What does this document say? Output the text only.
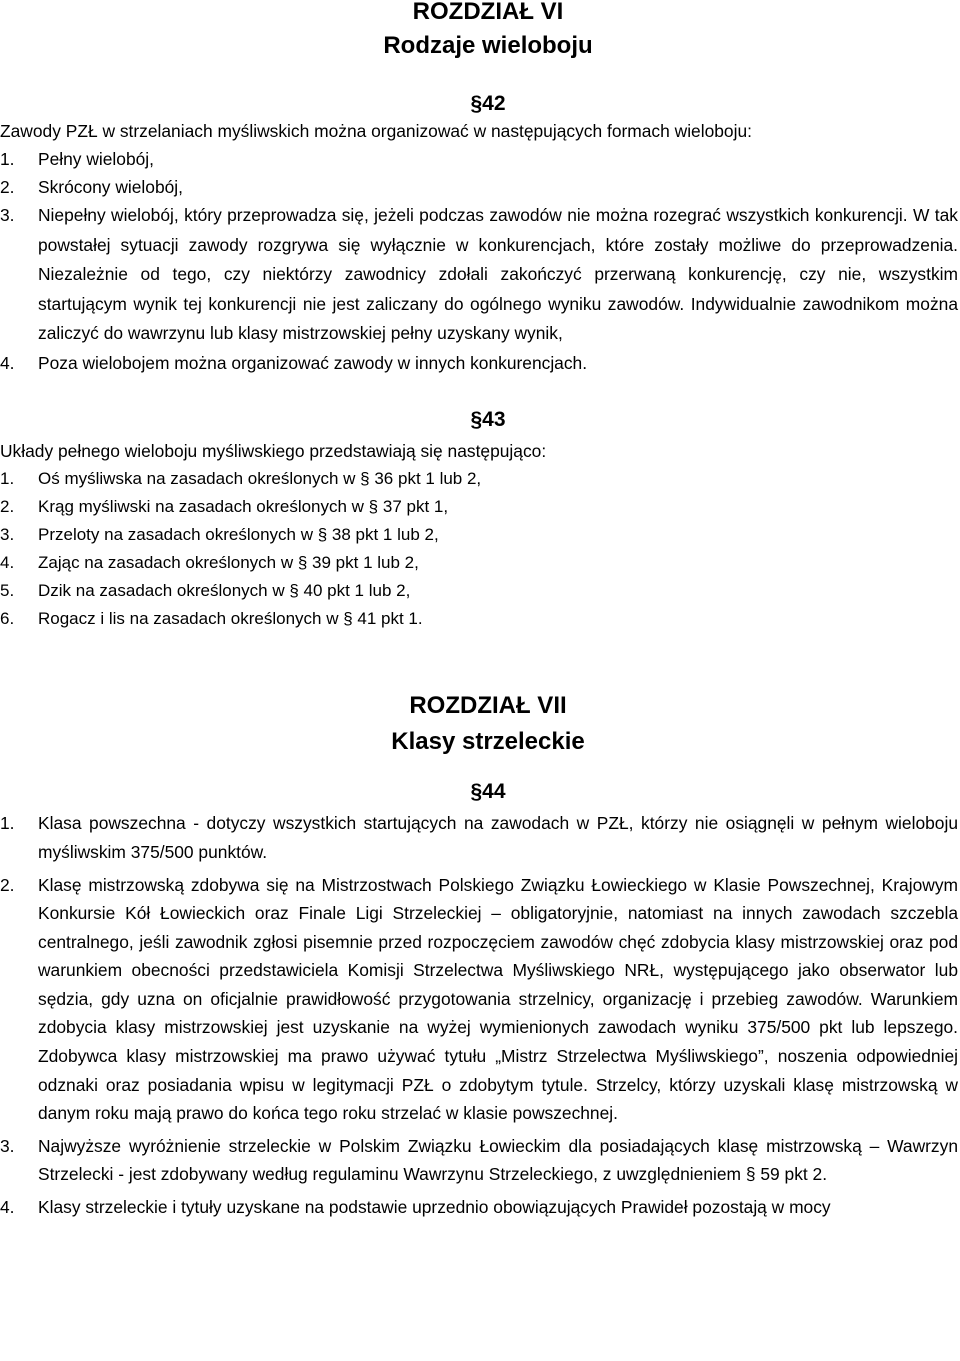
ROZDZIAŁ VI
Rodzaje wieloboju
§42

Zawody PZŁ w strzelaniach myśliwskich można organizować w następujących formach wieloboju:

1. Pełny wielobój,
2. Skrócony wielobój,
3. Niepełny wielobój, który przeprowadza się, jeżeli podczas zawodów nie można rozegrać wszystkich konkurencji. W tak powstałej sytuacji zawody rozgrywa się wyłącznie w konkurencjach, które zostały możliwe do przeprowadzenia. Niezależnie od tego, czy niektórzy zawodnicy zdołali zakończyć przerwaną konkurencję, czy nie, wszystkim startującym wynik tej konkurencji nie jest zaliczany do ogólnego wyniku zawodów. Indywidualnie zawodnikom można zaliczyć do wawrzynu lub klasy mistrzowskiej pełny uzyskany wynik,
4. Poza wielobojem można organizować zawody w innych konkurencjach.
§43

Układy pełnego wieloboju myśliwskiego przedstawiają się następująco:

1. Oś myśliwska na zasadach określonych w § 36 pkt 1 lub 2,
2. Krąg myśliwski na zasadach określonych w § 37 pkt 1,
3. Przeloty na zasadach określonych w § 38 pkt 1 lub 2,
4. Zając na zasadach określonych w § 39 pkt 1 lub 2,
5. Dzik na zasadach określonych w § 40 pkt 1 lub 2,
6. Rogacz i lis na zasadach określonych w § 41 pkt 1.
ROZDZIAŁ VII
Klasy strzeleckie
§44
1. Klasa powszechna - dotyczy wszystkich startujących na zawodach w PZŁ, którzy nie osiągnęli w pełnym wieloboju myśliwskim 375/500 punktów.
2. Klasę mistrzowską zdobywa się na Mistrzostwach Polskiego Związku Łowieckiego w Klasie Powszechnej, Krajowym Konkursie Kół Łowieckich oraz Finale Ligi Strzeleckiej – obligatoryjnie, natomiast na innych zawodach szczebla centralnego, jeśli zawodnik zgłosi pisemnie przed rozpoczęciem zawodów chęć zdobycia klasy mistrzowskiej oraz pod warunkiem obecności przedstawiciela Komisji Strzelectwa Myśliwskiego NRŁ, występującego jako obserwator lub sędzia, gdy uzna on oficjalnie prawidłowość przygotowania strzelnicy, organizację i przebieg zawodów. Warunkiem zdobycia klasy mistrzowskiej jest uzyskanie na wyżej wymienionych zawodach wyniku 375/500 pkt lub lepszego. Zdobywca klasy mistrzowskiej ma prawo używać tytułu „Mistrz Strzelectwa Myśliwskiego”, noszenia odpowiedniej odznaki oraz posiadania wpisu w legitymacji PZŁ o zdobytym tytule. Strzelcy, którzy uzyskali klasę mistrzowską w danym roku mają prawo do końca tego roku strzelać w klasie powszechnej.
3. Najwyższe wyróżnienie strzeleckie w Polskim Związku Łowieckim dla posiadających klasę mistrzowską – Wawrzyn Strzelecki - jest zdobywany według regulaminu Wawrzynu Strzeleckiego, z uwzględnieniem § 59 pkt 2.
4. Klasy strzeleckie i tytuły uzyskane na podstawie uprzednio obowiązujących Prawideł pozostają w mocy
